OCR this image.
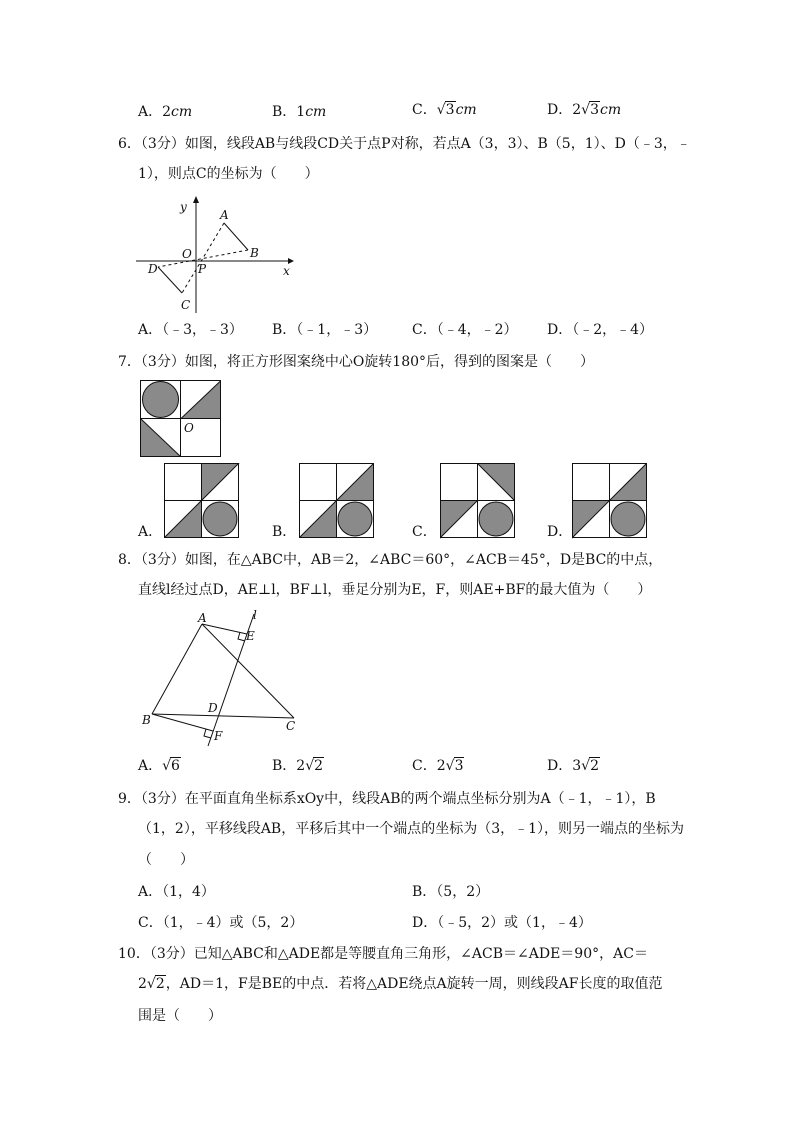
A．2cm	B．1cm	C．√3cm	D．2√3cm
6．（3分）如图，线段AB与线段CD关于点P对称，若点A（3，3）、B（5，1）、D（﹣3，﹣
1），则点C的坐标为（　　）
y
x
O
P
A
B
D
C
A．（﹣3，﹣3） B．（﹣1，﹣3） C．（﹣4，﹣2） D．（﹣2，﹣4）
7．（3分）如图，将正方形图案绕中心O旋转180°后，得到的图案是（　　）
O
A．	B．	C．	D．
8．（3分）如图，在△ABC中，AB＝2，∠ABC＝60°，∠ACB＝45°，D是BC的中点，
直线l经过点D，AE⊥l，BF⊥l，垂足分别为E，F，则AE+BF的最大值为（　　）
A
B	C
D
E
F
l
A．√6	B．2√2	C．2√3	D．3√2
9．（3分）在平面直角坐标系xOy中，线段AB的两个端点坐标分别为A（﹣1，﹣1），B
（1，2），平移线段AB，平移后其中一个端点的坐标为（3，﹣1），则另一端点的坐标为
（　　）
A．（1，4）	B．（5，2）
C．（1，﹣4）或（5，2）	D．（﹣5，2）或（1，﹣4）
10．（3分）已知△ABC和△ADE都是等腰直角三角形，∠ACB＝∠ADE＝90°，AC＝
2√2，AD＝1，F是BE的中点．若将△ADE绕点A旋转一周，则线段AF长度的取值范
围是（　　）
